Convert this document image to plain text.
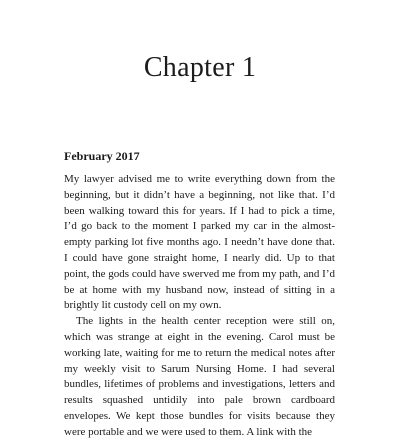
Chapter 1
February 2017

My lawyer advised me to write everything down from the beginning, but it didn’t have a beginning, not like that. I’d been walking toward this for years. If I had to pick a time, I’d go back to the moment I parked my car in the almost-empty parking lot five months ago. I needn’t have done that. I could have gone straight home, I nearly did. Up to that point, the gods could have swerved me from my path, and I’d be at home with my husband now, instead of sitting in a brightly lit custody cell on my own.

The lights in the health center reception were still on, which was strange at eight in the evening. Carol must be working late, waiting for me to return the medical notes after my weekly visit to Sarum Nursing Home. I had several bundles, lifetimes of problems and investigations, letters and results squashed untidily into pale brown cardboard envelopes. We kept those bundles for visits because they were portable and we were used to them. A link with the
